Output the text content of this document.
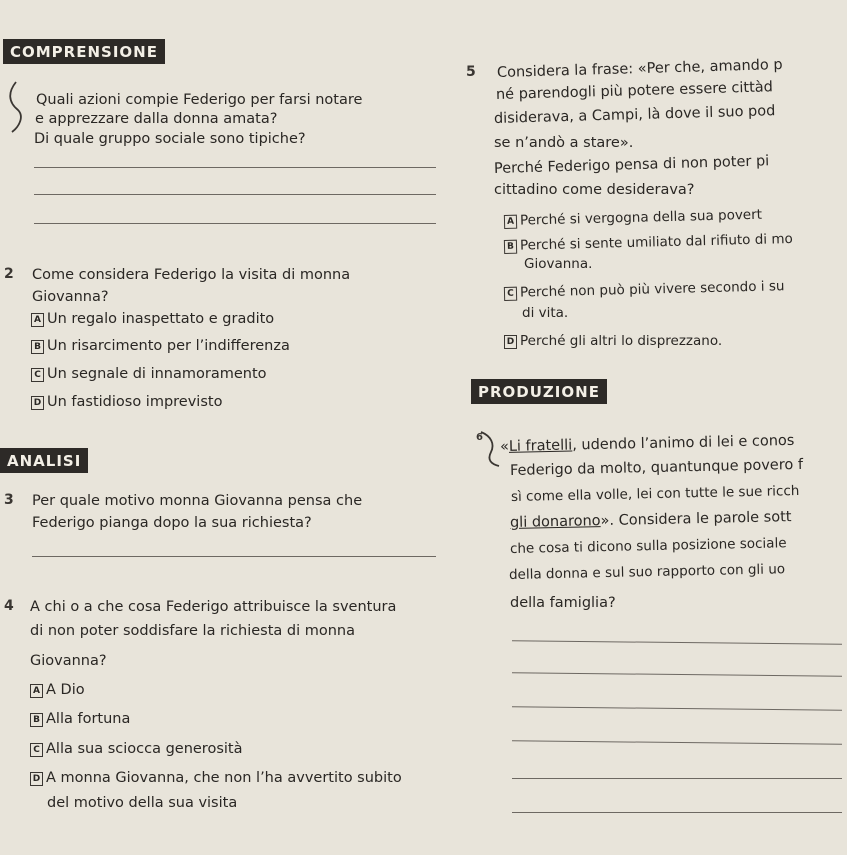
COMPRENSIONE
Quali azioni compie Federigo per farsi notare
e apprezzare dalla donna amata?
Di quale gruppo sociale sono tipiche?
2 Come considera Federigo la visita di monna
Giovanna?
A Un regalo inaspettato e gradito
B Un risarcimento per l’indifferenza
C Un segnale di innamoramento
D Un fastidioso imprevisto
ANALISI
3 Per quale motivo monna Giovanna pensa che
Federigo pianga dopo la sua richiesta?
4 A chi o a che cosa Federigo attribuisce la sventura
di non poter soddisfare la richiesta di monna
Giovanna?
A A Dio
B Alla fortuna
C Alla sua sciocca generosità
D A monna Giovanna, che non l’ha avvertito subito
del motivo della sua visita
5 Considera la frase: «Per che, amando p
né parendogli più potere essere cittàd
disiderava, a Campi, là dove il suo pod
se n’andò a stare».
Perché Federigo pensa di non poter pi
cittadino come desiderava?
A Perché si vergogna della sua povert
B Perché si sente umiliato dal rifiuto di mo
Giovanna.
C Perché non può più vivere secondo i su
di vita.
D Perché gli altri lo disprezzano.
PRODUZIONE
6
«Li fratelli, udendo l’animo di lei e conos
Federigo da molto, quantunque povero f
sì come ella volle, lei con tutte le sue ricch
gli donarono». Considera le parole sott
che cosa ti dicono sulla posizione sociale
della donna e sul suo rapporto con gli uo
della famiglia?
